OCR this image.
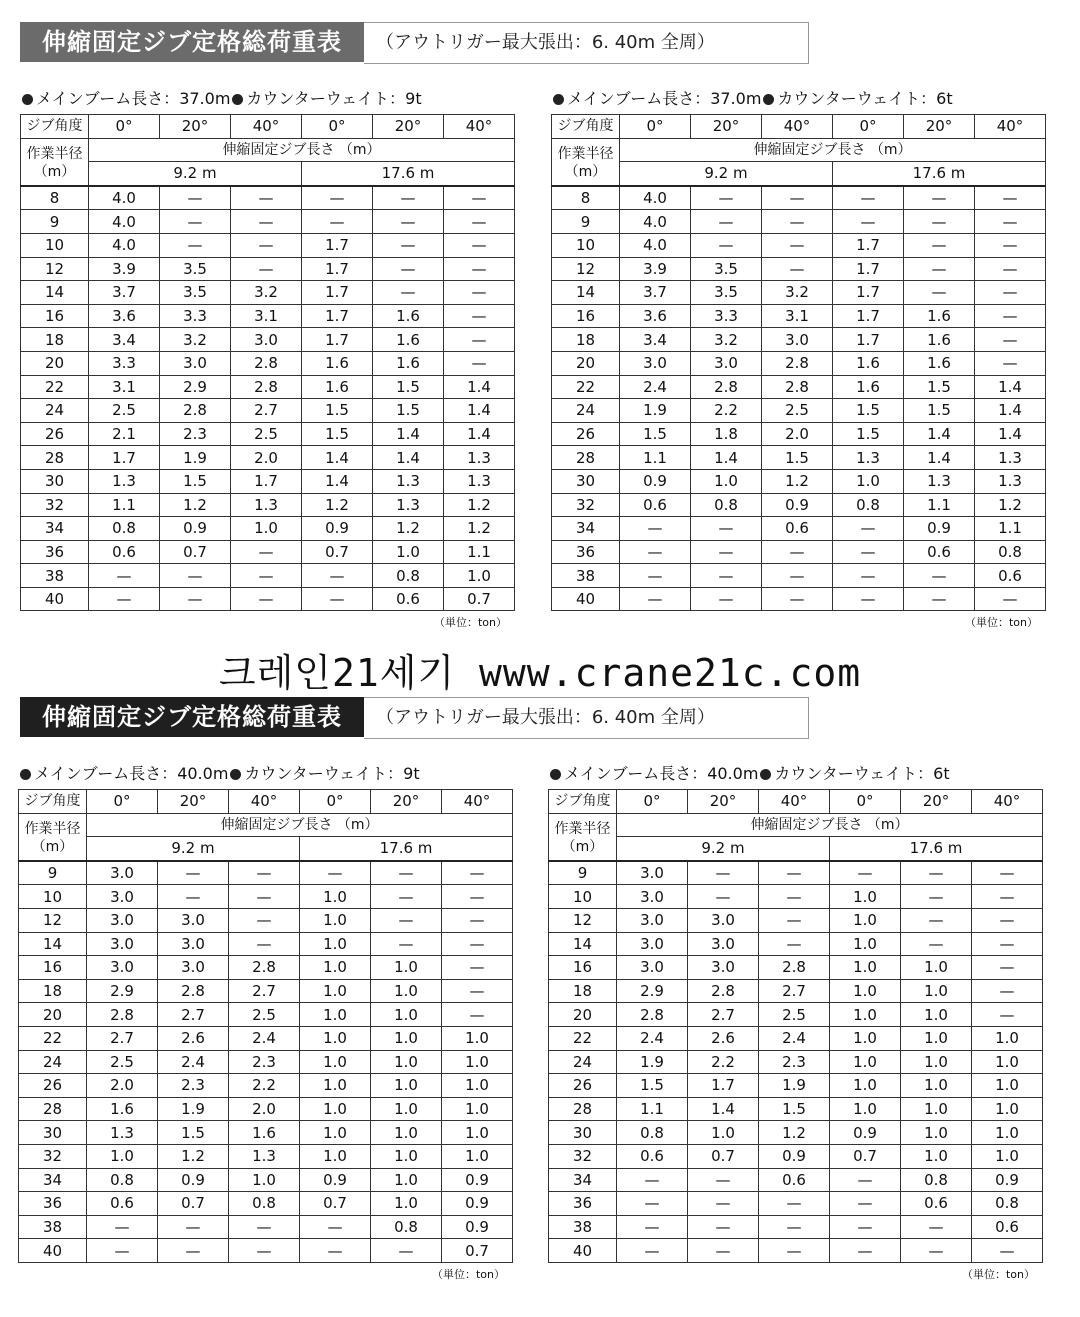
伸縮固定ジブ定格総荷重表	（アウトリガー最大張出：6. 40m 全周）
メインブーム長さ：37.0m カウンターウェイト：9t
ジブ角度	0°	20°	40°	0°	20°	40°

作業半径
（m）	伸縮固定ジブ長さ （m）					
	9.2 m			17.6 m		
8	4.0	—	—	—	—	—
9	4.0	—	—	—	—	—
10	4.0	—	—	1.7	—	—
12	3.9	3.5	—	1.7	—	—
14	3.7	3.5	3.2	1.7	—	—
16	3.6	3.3	3.1	1.7	1.6	—
18	3.4	3.2	3.0	1.7	1.6	—
20	3.3	3.0	2.8	1.6	1.6	—
22	3.1	2.9	2.8	1.6	1.5	1.4
24	2.5	2.8	2.7	1.5	1.5	1.4
26	2.1	2.3	2.5	1.5	1.4	1.4
28	1.7	1.9	2.0	1.4	1.4	1.3
30	1.3	1.5	1.7	1.4	1.3	1.3
32	1.1	1.2	1.3	1.2	1.3	1.2
34	0.8	0.9	1.0	0.9	1.2	1.2
36	0.6	0.7	—	0.7	1.0	1.1
38	—	—	—	—	0.8	1.0
40	—	—	—	—	0.6	0.7
（単位：ton）
メインブーム長さ：37.0m カウンターウェイト：6t
ジブ角度	0°	20°	40°	0°	20°	40°

作業半径
（m）	伸縮固定ジブ長さ （m）					
	9.2 m			17.6 m		
8	4.0	—	—	—	—	—
9	4.0	—	—	—	—	—
10	4.0	—	—	1.7	—	—
12	3.9	3.5	—	1.7	—	—
14	3.7	3.5	3.2	1.7	—	—
16	3.6	3.3	3.1	1.7	1.6	—
18	3.4	3.2	3.0	1.7	1.6	—
20	3.0	3.0	2.8	1.6	1.6	—
22	2.4	2.8	2.8	1.6	1.5	1.4
24	1.9	2.2	2.5	1.5	1.5	1.4
26	1.5	1.8	2.0	1.5	1.4	1.4
28	1.1	1.4	1.5	1.3	1.4	1.3
30	0.9	1.0	1.2	1.0	1.3	1.3
32	0.6	0.8	0.9	0.8	1.1	1.2
34	—	—	0.6	—	0.9	1.1
36	—	—	—	—	0.6	0.8
38	—	—	—	—	—	0.6
40	—	—	—	—	—	—
（単位：ton）
크레인21세기 www.crane21c.com
伸縮固定ジブ定格総荷重表	（アウトリガー最大張出：6. 40m 全周）
メインブーム長さ：40.0m カウンターウェイト：9t
ジブ角度	0°	20°	40°	0°	20°	40°

作業半径
（m）	伸縮固定ジブ長さ （m）					
	9.2 m			17.6 m		
9	3.0	—	—	—	—	—
10	3.0	—	—	1.0	—	—
12	3.0	3.0	—	1.0	—	—
14	3.0	3.0	—	1.0	—	—
16	3.0	3.0	2.8	1.0	1.0	—
18	2.9	2.8	2.7	1.0	1.0	—
20	2.8	2.7	2.5	1.0	1.0	—
22	2.7	2.6	2.4	1.0	1.0	1.0
24	2.5	2.4	2.3	1.0	1.0	1.0
26	2.0	2.3	2.2	1.0	1.0	1.0
28	1.6	1.9	2.0	1.0	1.0	1.0
30	1.3	1.5	1.6	1.0	1.0	1.0
32	1.0	1.2	1.3	1.0	1.0	1.0
34	0.8	0.9	1.0	0.9	1.0	0.9
36	0.6	0.7	0.8	0.7	1.0	0.9
38	—	—	—	—	0.8	0.9
40	—	—	—	—	—	0.7
（単位：ton）
メインブーム長さ：40.0m カウンターウェイト：6t
ジブ角度	0°	20°	40°	0°	20°	40°

作業半径
（m）	伸縮固定ジブ長さ （m）					
	9.2 m			17.6 m		
9	3.0	—	—	—	—	—
10	3.0	—	—	1.0	—	—
12	3.0	3.0	—	1.0	—	—
14	3.0	3.0	—	1.0	—	—
16	3.0	3.0	2.8	1.0	1.0	—
18	2.9	2.8	2.7	1.0	1.0	—
20	2.8	2.7	2.5	1.0	1.0	—
22	2.4	2.6	2.4	1.0	1.0	1.0
24	1.9	2.2	2.3	1.0	1.0	1.0
26	1.5	1.7	1.9	1.0	1.0	1.0
28	1.1	1.4	1.5	1.0	1.0	1.0
30	0.8	1.0	1.2	0.9	1.0	1.0
32	0.6	0.7	0.9	0.7	1.0	1.0
34	—	—	0.6	—	0.8	0.9
36	—	—	—	—	0.6	0.8
38	—	—	—	—	—	0.6
40	—	—	—	—	—	—
（単位：ton）
